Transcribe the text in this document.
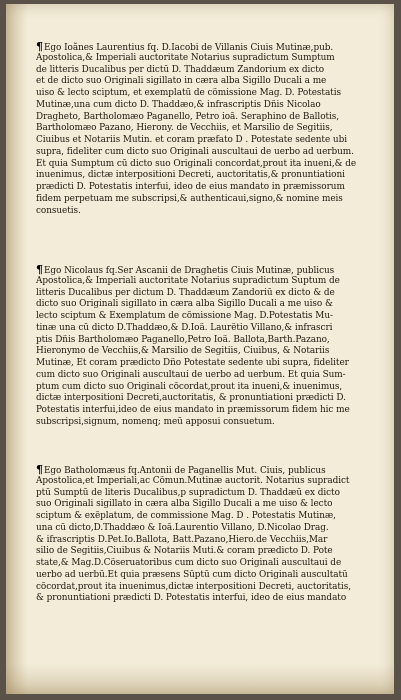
¶Ego Ioãnes Laurentius fq. D.Iacobi de Villanis Ciuis Mutinæ,pub.
Apostolica,& Imperiali auctoritate Notarius supradictum Sumptum
de litteris Ducalibus per dictū D. Thaddæum Zandorium ex dicto
et de dicto suo Originali sigillato in cæra alba Sigillo Ducali a me
uiso & lecto sciptum, et exemplatū de cõmissione Mag. D. Potestatis
Mutinæ,una cum dicto D. Thaddæo,& infrascriptis Dñis Nicolao
Dragheto, Bartholomæo Paganello, Petro ioã. Seraphino de Ballotis,
Bartholomæo Pazano, Hierony. de Vecchiis, et Marsilio de Segitiis,
Ciuibus et Notariis Mutin. et coram præfato D . Potestate sedente ubi
supra, fideliter cum dicto suo Originali auscultaui de uerbo ad uerbum.
Et quia Sumptum cū dicto suo Originali concordat,prout ita inueni,& de
inuenimus, dictæ interpositioni Decreti, auctoritatis,& pronuntiationi
prædicti D. Potestatis interfui, ideo de eius mandato in præmissorum
fidem perpetuam me subscripsi,& authenticaui,signo,& nomine meis
consuetis.
¶Ego Nicolaus fq.Ser Ascanii de Draghetis Ciuis Mutinæ, publicus
Apostolica,& Imperiali auctoritate Notarius supradictum Suptum de
litteris Ducalibus per dictum D. Thaddæum Zandoriū ex dicto & de
dicto suo Originali sigillato in cæra alba Sigillo Ducali a me uiso &
lecto sciptum & Exemplatum de cõmissione Mag. D.Potestatis Mu-
tinæ una cū dicto D.Thaddæo,& D.Ioã. Laurẽtio Villano,& infrascri
ptis Dñis Bartholomæo Paganello,Petro Ioã. Ballota,Barth.Pazano,
Hieronymo de Vecchiis,& Marsilio de Segitiis, Ciuibus, & Notariis
Mutinæ, Et coram prædicto Dño Potestate sedente ubi supra, fideliter
cum dicto suo Originali auscultaui de uerbo ad uerbum. Et quia Sum-
ptum cum dicto suo Originali cõcordat,prout ita inueni,& inuenimus,
dictæ interpositioni Decreti,auctoritatis, & pronuntiationi prædicti D.
Potestatis interfui,ideo de eius mandato in præmissorum fidem hic me
subscripsi,signum, nomenq; meū apposui consuetum.
¶Ego Batholomæus fq.Antonii de Paganellis Mut. Ciuis, publicus
Apostolica,et Imperiali,ac Cõmun.Mutinæ auctorit. Notarius supradict
ptū Sumptū de literis Ducalibus,p supradictum D. Thaddæū ex dicto
suo Originali sigillato in cæra alba Sigillo Ducali a me uiso & lecto
sciptum & exẽplatum, de commissione Mag. D . Potestatis Mutinæ,
una cū dicto,D.Thaddæo & Ioã.Laurentio Villano, D.Nicolao Drag.
& ifrascriptis D.Pet.Io.Ballota, Batt.Pazano,Hiero.de Vecchiis,Mar
silio de Segitiis,Ciuibus & Notariis Muti.& coram prædicto D. Pote
state,& Mag.D.Cõseruatoribus cum dicto suo Originali auscultaui de
uerbo ad uerbū.Et quia præsens Sūptū cum dicto Originali auscultatū
cõcordat,prout ita inuenimus,dictæ interpositioni Decreti, auctoritatis,
& pronuntiationi prædicti D. Potestatis interfui, ideo de eius mandato
